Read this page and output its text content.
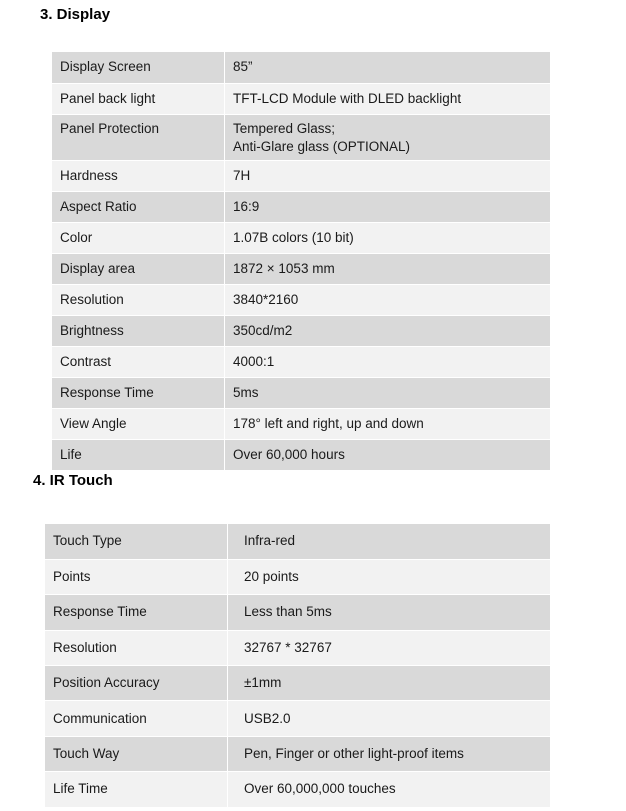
3. Display
Display Screen	85”
Panel back light	TFT-LCD Module with DLED backlight
Panel Protection	Tempered Glass;
Anti-Glare glass (OPTIONAL)

Hardness	7H
Aspect Ratio	16:9
Color	1.07B colors (10 bit)
Display area	1872 × 1053 mm
Resolution	3840*2160
Brightness	350cd/m2
Contrast	4000:1
Response Time	5ms
View Angle	178° left and right, up and down
Life	Over 60,000 hours
4. IR Touch
Touch Type	Infra-red
Points	20 points
Response Time	Less than 5ms
Resolution	32767 * 32767
Position Accuracy	±1mm
Communication	USB2.0
Touch Way	Pen, Finger or other light-proof items
Life Time	Over 60,000,000 touches
